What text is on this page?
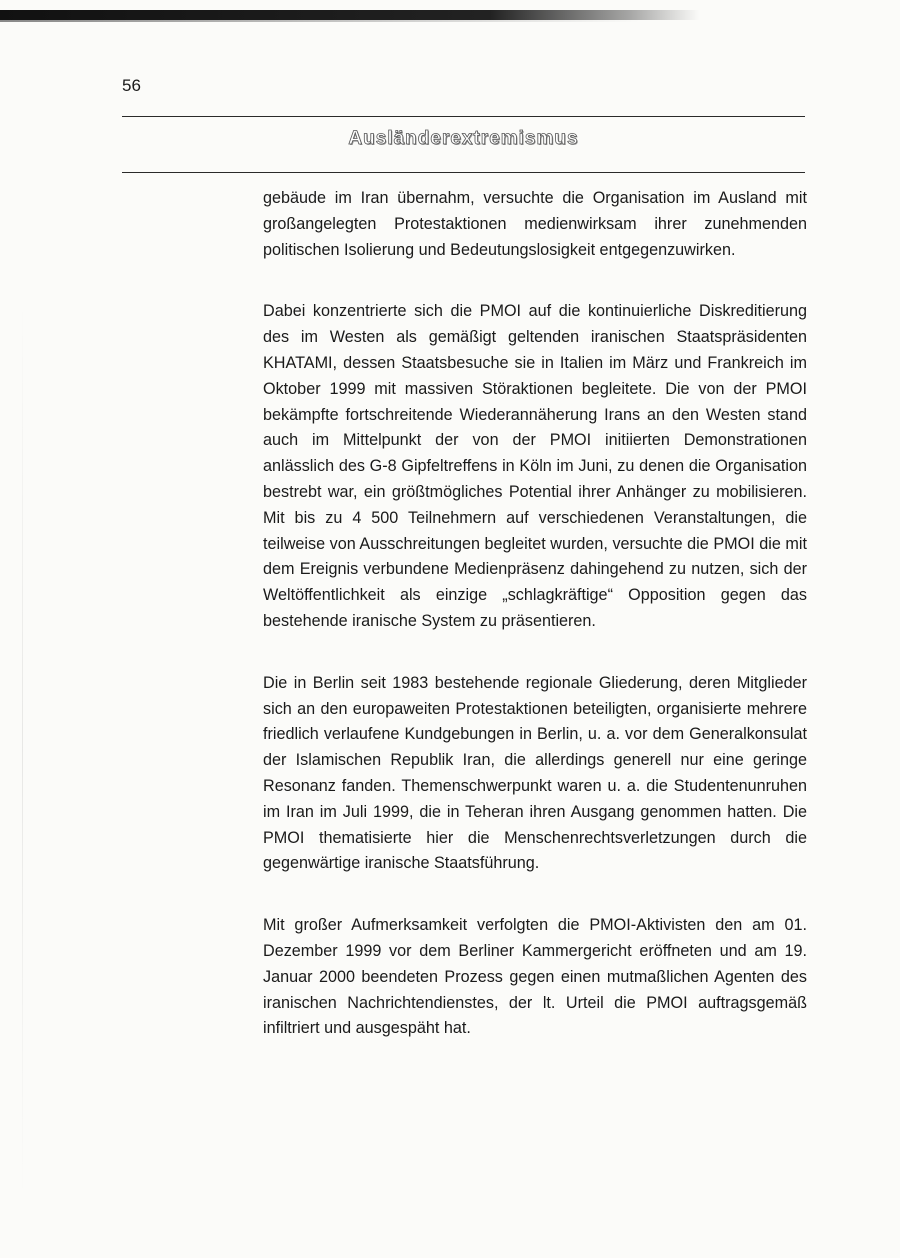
56
Ausländerextremismus

gebäude im Iran übernahm, versuchte die Organisation im Ausland mit großangelegten Protestaktionen medienwirksam ihrer zunehmenden politischen Isolierung und Bedeutungslosigkeit entgegenzuwirken.

Dabei konzentrierte sich die PMOI auf die kontinuierliche Diskreditierung des im Westen als gemäßigt geltenden iranischen Staatspräsidenten KHATAMI, dessen Staatsbesuche sie in Italien im März und Frankreich im Oktober 1999 mit massiven Störaktionen begleitete. Die von der PMOI bekämpfte fortschreitende Wiederannäherung Irans an den Westen stand auch im Mittelpunkt der von der PMOI initiierten Demonstrationen anlässlich des G-8 Gipfeltreffens in Köln im Juni, zu denen die Organisation bestrebt war, ein größtmögliches Potential ihrer Anhänger zu mobilisieren. Mit bis zu 4 500 Teilnehmern auf verschiedenen Veranstaltungen, die teilweise von Ausschreitungen begleitet wurden, versuchte die PMOI die mit dem Ereignis verbundene Medienpräsenz dahingehend zu nutzen, sich der Weltöffentlichkeit als einzige „schlagkräftige“ Opposition gegen das bestehende iranische System zu präsentieren.

Die in Berlin seit 1983 bestehende regionale Gliederung, deren Mitglieder sich an den europaweiten Protestaktionen beteiligten, organisierte mehrere friedlich verlaufene Kundgebungen in Berlin, u. a. vor dem Generalkonsulat der Islamischen Republik Iran, die allerdings generell nur eine geringe Resonanz fanden. Themenschwerpunkt waren u. a. die Studentenunruhen im Iran im Juli 1999, die in Teheran ihren Ausgang genommen hatten. Die PMOI thematisierte hier die Menschenrechtsverletzungen durch die gegenwärtige iranische Staatsführung.

Mit großer Aufmerksamkeit verfolgten die PMOI-Aktivisten den am 01. Dezember 1999 vor dem Berliner Kammergericht eröffneten und am 19. Januar 2000 beendeten Prozess gegen einen mutmaßlichen Agenten des iranischen Nachrichtendienstes, der lt. Urteil die PMOI auftragsgemäß infiltriert und ausgespäht hat.
